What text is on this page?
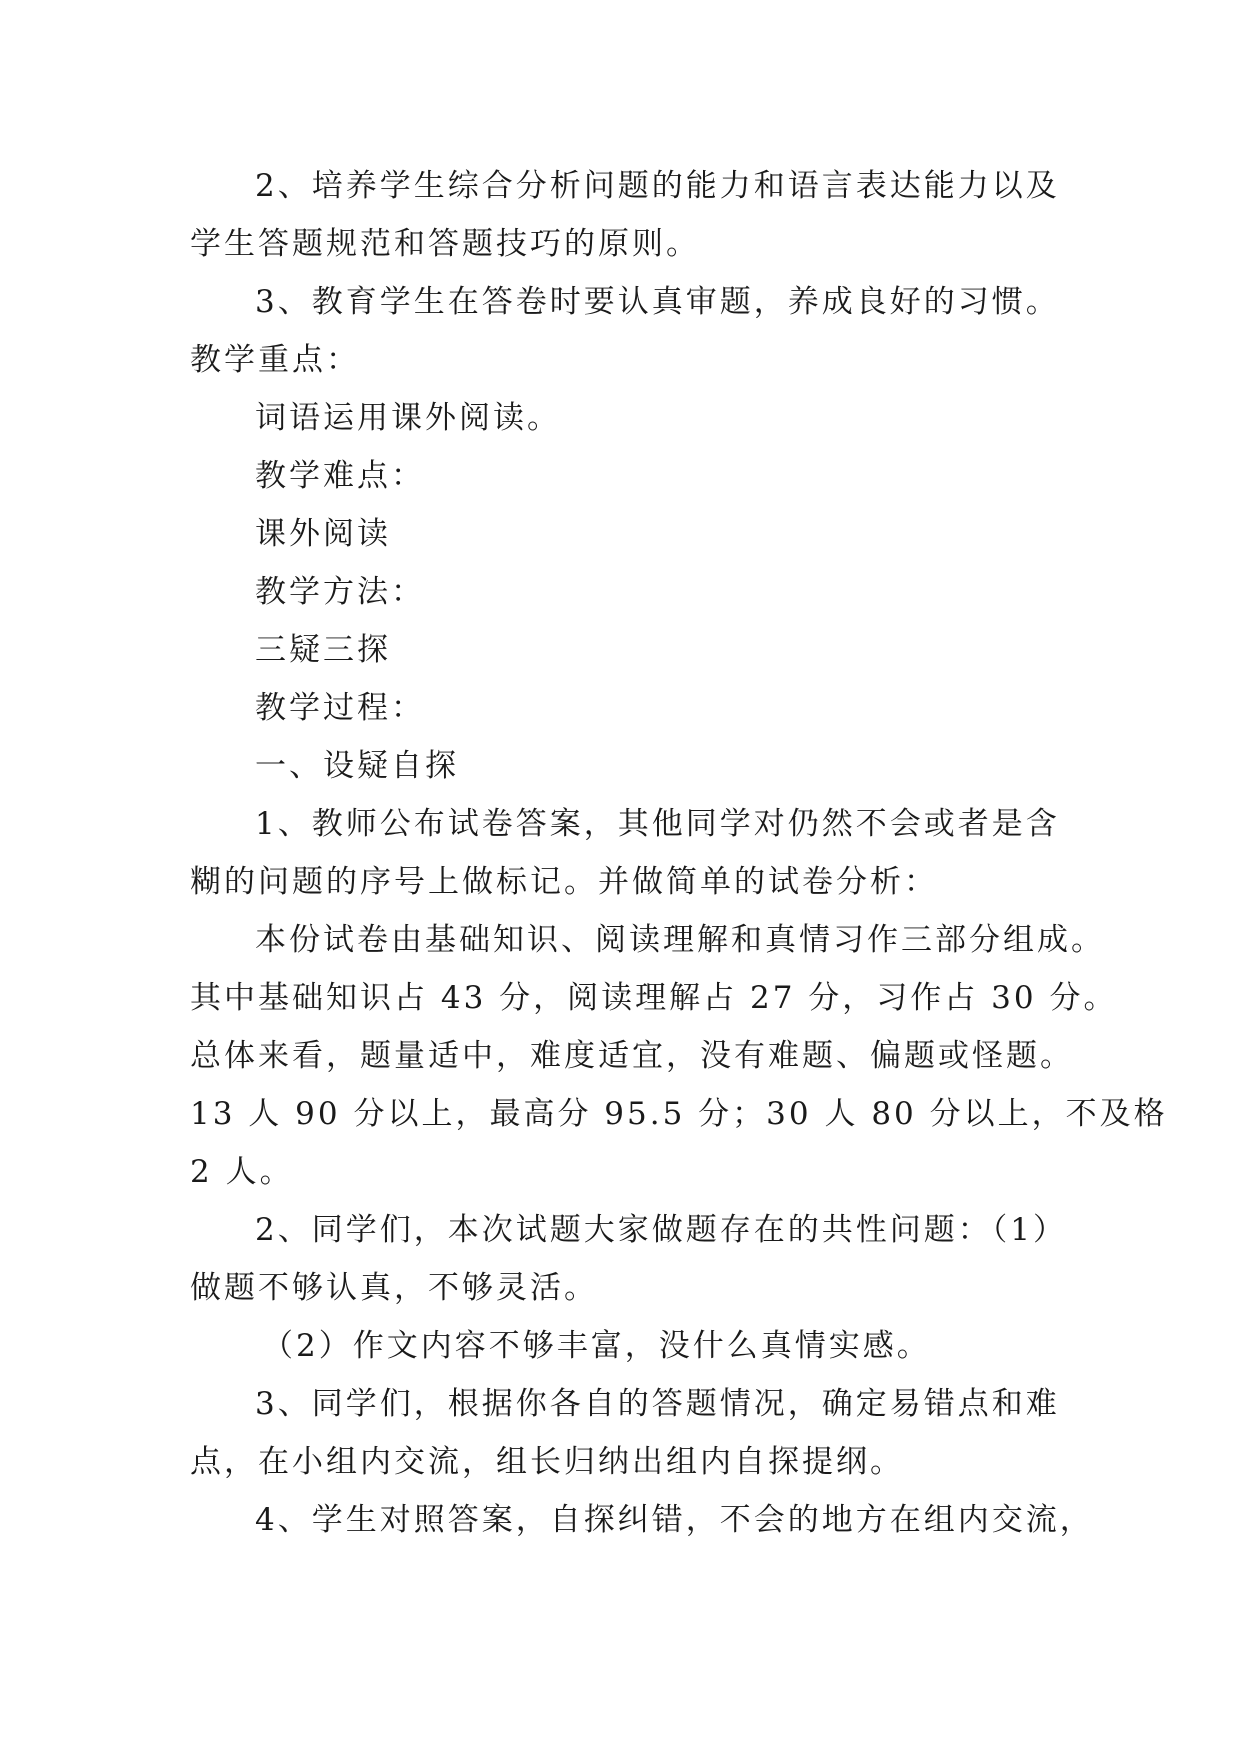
2、培养学生综合分析问题的能力和语言表达能力以及
学生答题规范和答题技巧的原则。
3、教育学生在答卷时要认真审题，养成良好的习惯。
教学重点：
词语运用课外阅读。
教学难点：
课外阅读
教学方法：
三疑三探
教学过程：
一、设疑自探
1、教师公布试卷答案，其他同学对仍然不会或者是含
糊的问题的序号上做标记。并做简单的试卷分析：
本份试卷由基础知识、阅读理解和真情习作三部分组成。
其中基础知识占 43 分，阅读理解占 27 分，习作占 30 分。
总体来看，题量适中，难度适宜，没有难题、偏题或怪题。
13 人 90 分以上，最高分 95.5 分；30 人 80 分以上，不及格
2 人。
2、同学们，本次试题大家做题存在的共性问题：（1）
做题不够认真，不够灵活。
（2）作文内容不够丰富，没什么真情实感。
3、同学们，根据你各自的答题情况，确定易错点和难
点，在小组内交流，组长归纳出组内自探提纲。
4、学生对照答案，自探纠错，不会的地方在组内交流，
